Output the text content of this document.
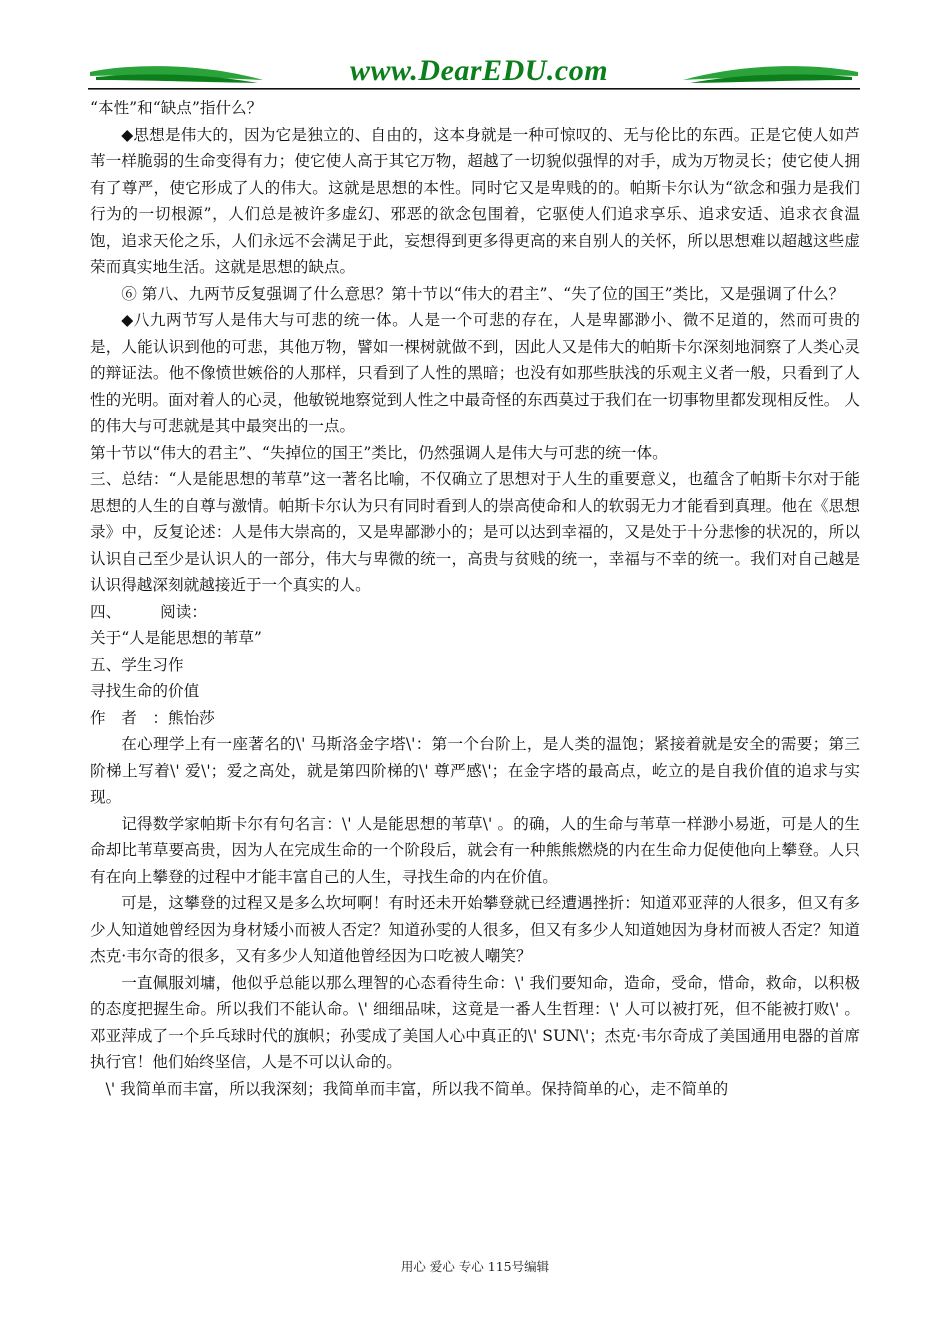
www.DearEDU.com

“本性”和“缺点”指什么？

◆思想是伟大的，因为它是独立的、自由的，这本身就是一种可惊叹的、无与伦比的东西。正是它使人如芦苇一样脆弱的生命变得有力；使它使人高于其它万物，超越了一切貌似强悍的对手，成为万物灵长；使它使人拥有了尊严，使它形成了人的伟大。这就是思想的本性。同时它又是卑贱的的。帕斯卡尔认为“欲念和强力是我们行为的一切根源”，人们总是被许多虚幻、邪恶的欲念包围着，它驱使人们追求享乐、追求安适、追求衣食温饱，追求天伦之乐，人们永远不会满足于此，妄想得到更多得更高的来自别人的关怀，所以思想难以超越这些虚荣而真实地生活。这就是思想的缺点。

⑥ 第八、九两节反复强调了什么意思？第十节以“伟大的君主”、“失了位的国王”类比，又是强调了什么？

◆八九两节写人是伟大与可悲的统一体。人是一个可悲的存在，人是卑鄙渺小、微不足道的，然而可贵的是，人能认识到他的可悲，其他万物，譬如一棵树就做不到，因此人又是伟大的帕斯卡尔深刻地洞察了人类心灵的辩证法。他不像愤世嫉俗的人那样，只看到了人性的黑暗；也没有如那些肤浅的乐观主义者一般，只看到了人性的光明。面对着人的心灵，他敏锐地察觉到人性之中最奇怪的东西莫过于我们在一切事物里都发现相反性。 人的伟大与可悲就是其中最突出的一点。

第十节以“伟大的君主”、“失掉位的国王”类比，仍然强调人是伟大与可悲的统一体。

三、总结：“人是能思想的苇草”这一著名比喻，不仅确立了思想对于人生的重要意义，也蕴含了帕斯卡尔对于能思想的人生的自尊与激情。帕斯卡尔认为只有同时看到人的崇高使命和人的软弱无力才能看到真理。他在《思想录》中，反复论述：人是伟大崇高的，又是卑鄙渺小的；是可以达到幸福的，又是处于十分悲惨的状况的，所以认识自己至少是认识人的一部分，伟大与卑微的统一，高贵与贫贱的统一，幸福与不幸的统一。我们对自己越是认识得越深刻就越接近于一个真实的人。

四、　　　阅读：

关于“人是能思想的苇草”

五、学生习作

寻找生命的价值

作　者　：熊怡莎

在心理学上有一座著名的\' 马斯洛金字塔\'：第一个台阶上，是人类的温饱；紧接着就是安全的需要；第三阶梯上写着\' 爱\'；爱之高处，就是第四阶梯的\' 尊严感\'；在金字塔的最高点，屹立的是自我价值的追求与实现。

记得数学家帕斯卡尔有句名言：\' 人是能思想的苇草\' 。的确，人的生命与苇草一样渺小易逝，可是人的生命却比苇草要高贵，因为人在完成生命的一个阶段后，就会有一种熊熊燃烧的内在生命力促使他向上攀登。人只有在向上攀登的过程中才能丰富自己的人生，寻找生命的内在价值。

可是，这攀登的过程又是多么坎坷啊！有时还未开始攀登就已经遭遇挫折：知道邓亚萍的人很多，但又有多少人知道她曾经因为身材矮小而被人否定？知道孙雯的人很多，但又有多少人知道她因为身材而被人否定？知道杰克·韦尔奇的很多，又有多少人知道他曾经因为口吃被人嘲笑？

一直佩服刘墉，他似乎总能以那么理智的心态看待生命：\' 我们要知命，造命，受命，惜命，救命，以积极的态度把握生命。所以我们不能认命。\' 细细品味，这竟是一番人生哲理：\' 人可以被打死，但不能被打败\' 。邓亚萍成了一个乒乓球时代的旗帜；孙雯成了美国人心中真正的\' SUN\'；杰克·韦尔奇成了美国通用电器的首席执行官！他们始终坚信，人是不可以认命的。

\' 我简单而丰富，所以我深刻；我简单而丰富，所以我不简单。保持简单的心，走不简单的

用心 爱心 专心 115号编辑
